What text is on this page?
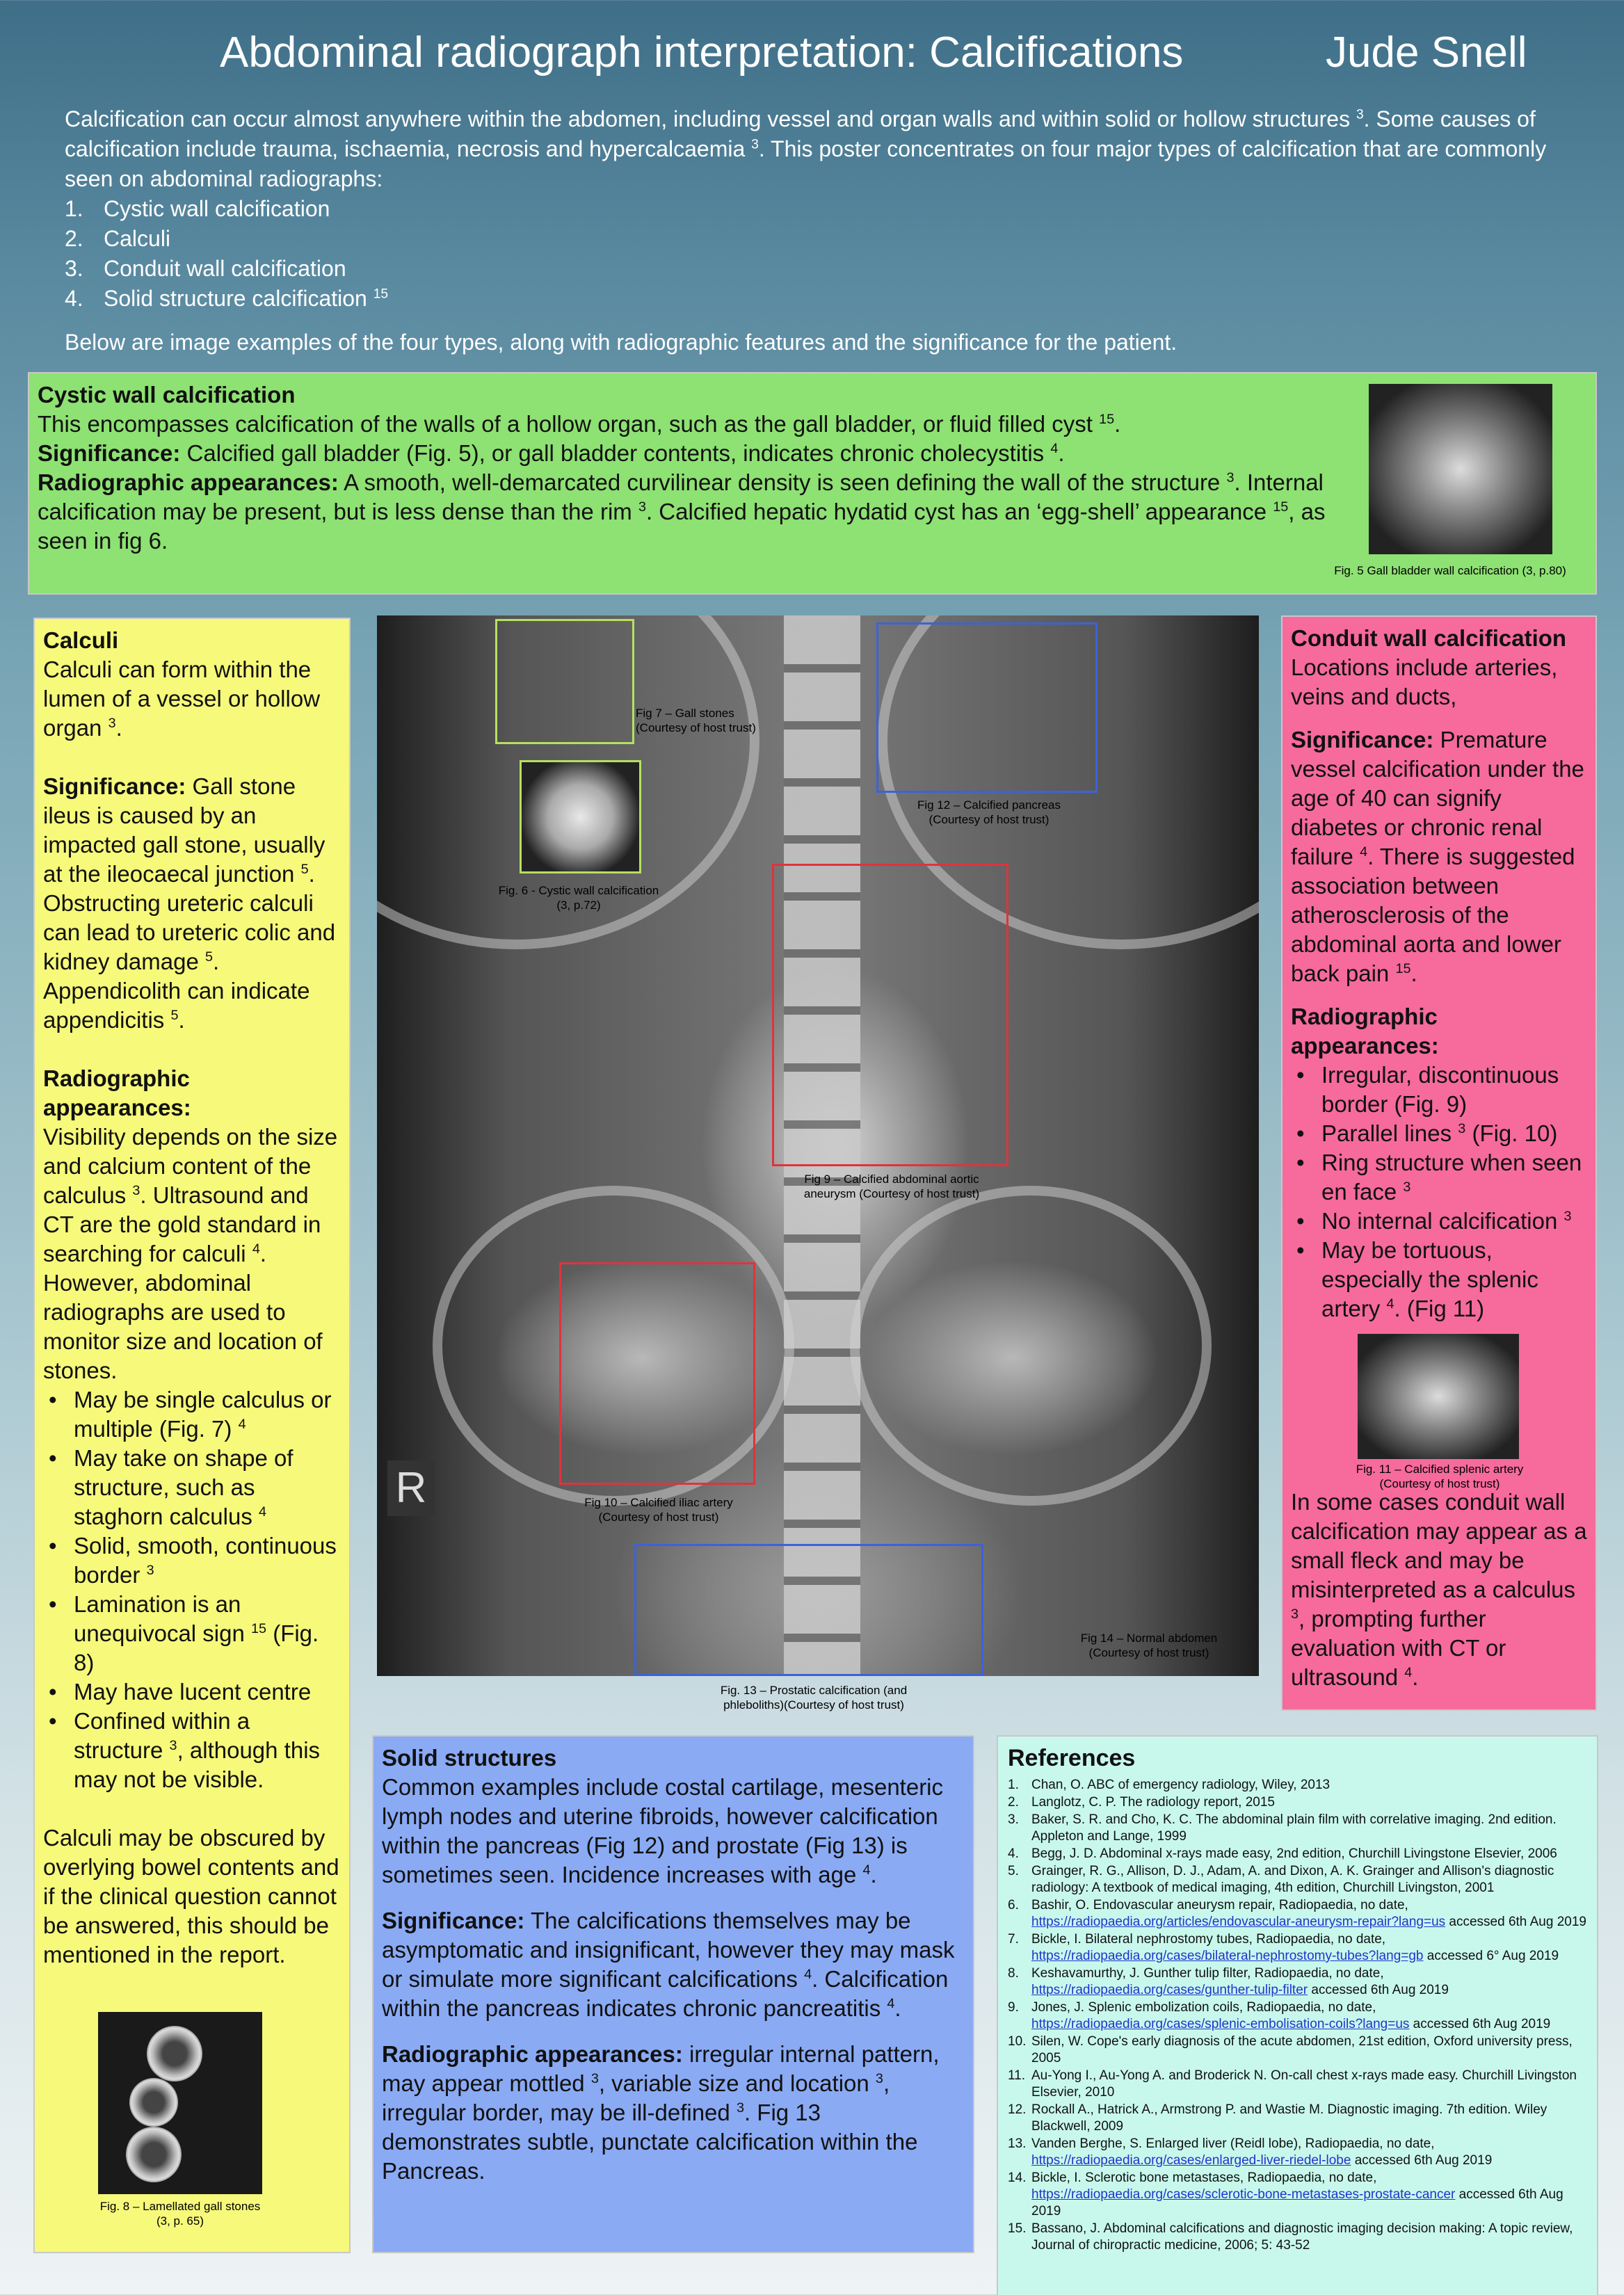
Abdominal radiograph interpretation: Calcifications	Jude Snell

Calcification can occur almost anywhere within the abdomen, including vessel and organ walls and within solid or hollow structures $^3$. Some causes of calcification include trauma, ischaemia, necrosis and hypercalcaemia $^3$. This poster concentrates on four major types of calcification that are commonly seen on abdominal radiographs:

1. Cystic wall calcification
2. Calculi
3. Conduit wall calcification
4. Solid structure calcification $^{15}$

Below are image examples of the four types, along with radiographic features and the significance for the patient.

Cystic wall calcification

This encompasses calcification of the walls of a hollow organ, such as the gall bladder, or fluid filled cyst $^{15}$.

Significance: Calcified gall bladder (Fig. 5), or gall bladder contents, indicates chronic cholecystitis $^4$.

Radiographic appearances: A smooth, well-demarcated curvilinear density is seen defining the wall of the structure $^3$. Internal calcification may be present, but is less dense than the rim $^3$. Calcified hepatic hydatid cyst has an ‘egg-shell’ appearance $^{15}$, as seen in fig 6.

Fig. 5 Gall bladder wall calcification (3, p.80)
Calculi

Calculi can form within the lumen of a vessel or hollow organ $^3$.

Significance: Gall stone ileus is caused by an impacted gall stone, usually at the ileocaecal junction $^5$. Obstructing ureteric calculi can lead to ureteric colic and kidney damage $^5$. Appendicolith can indicate appendicitis $^5$.

Radiographic appearances:

Visibility depends on the size and calcium content of the calculus $^3$. Ultrasound and CT are the gold standard in searching for calculi $^4$. However, abdominal radiographs are used to monitor size and location of stones.

• May be single calculus or multiple (Fig. 7) $^4$
• May take on shape of structure, such as staghorn calculus $^4$
• Solid, smooth, continuous border $^3$
• Lamination is an unequivocal sign $^{15}$ (Fig. 8)
• May have lucent centre
• Confined within a structure $^3$, although this may not be visible.

Calculi may be obscured by overlying bowel contents and if the clinical question cannot be answered, this should be mentioned in the report.

Fig. 8 – Lamellated gall stones
(3, p. 65)
R
Fig 7 – Gall stones
(Courtesy of host trust)
Fig. 6 - Cystic wall calcification
(3, p.72)
Fig 12 – Calcified pancreas
(Courtesy of host trust)
Fig 9 – Calcified abdominal aortic
aneurysm (Courtesy of host trust)
Fig 10 – Calcified iliac artery
(Courtesy of host trust)
Fig 14 – Normal abdomen
(Courtesy of host trust)
Fig. 13 – Prostatic calcification (and
phleboliths)(Courtesy of host trust)
Conduit wall calcification

Locations include arteries, veins and ducts,

Significance: Premature vessel calcification under the age of 40 can signify diabetes or chronic renal failure $^4$. There is suggested association between atherosclerosis of the abdominal aorta and lower back pain $^{15}$.

Radiographic appearances:
• Irregular, discontinuous border (Fig. 9)
• Parallel lines $^3$ (Fig. 10)
• Ring structure when seen en face $^3$
• No internal calcification $^3$
• May be tortuous, especially the splenic artery $^4$. (Fig 11)

In some cases conduit wall calcification may appear as a small fleck and may be misinterpreted as a calculus $^3$, prompting further evaluation with CT or ultrasound $^4$.

Fig. 11 – Calcified splenic artery
(Courtesy of host trust)
Solid structures

Common examples include costal cartilage, mesenteric lymph nodes and uterine fibroids, however calcification within the pancreas (Fig 12) and prostate (Fig 13) is sometimes seen. Incidence increases with age $^4$.

Significance: The calcifications themselves may be asymptomatic and insignificant, however they may mask or simulate more significant calcifications $^4$. Calcification within the pancreas indicates chronic pancreatitis $^4$.

Radiographic appearances: irregular internal pattern, may appear mottled $^3$, variable size and location $^3$, irregular border, may be ill-defined $^3$. Fig 13 demonstrates subtle, punctate calcification within the Pancreas.

References
1. Chan, O. ABC of emergency radiology, Wiley, 2013
2. Langlotz, C. P. The radiology report, 2015
3. Baker, S. R. and Cho, K. C. The abdominal plain film with correlative imaging. 2nd edition. Appleton and Lange, 1999
4. Begg, J. D. Abdominal x-rays made easy, 2nd edition, Churchill Livingstone Elsevier, 2006
5. Grainger, R. G., Allison, D. J., Adam, A. and Dixon, A. K. Grainger and Allison's diagnostic radiology: A textbook of medical imaging, 4th edition, Churchill Livingston, 2001
6. Bashir, O. Endovascular aneurysm repair, Radiopaedia, no date,
https://radiopaedia.org/articles/endovascular-aneurysm-repair?lang=us accessed 6th Aug 2019
7. Bickle, I. Bilateral nephrostomy tubes, Radiopaedia, no date,
https://radiopaedia.org/cases/bilateral-nephrostomy-tubes?lang=gb accessed 6° Aug 2019
8. Keshavamurthy, J. Gunther tulip filter, Radiopaedia, no date,
https://radiopaedia.org/cases/gunther-tulip-filter accessed 6th Aug 2019
9. Jones, J. Splenic embolization coils, Radiopaedia, no date,
https://radiopaedia.org/cases/splenic-embolisation-coils?lang=us accessed 6th Aug 2019
10. Silen, W. Cope's early diagnosis of the acute abdomen, 21st edition, Oxford university press, 2005
11. Au-Yong I., Au-Yong A. and Broderick N. On-call chest x-rays made easy. Churchill Livingston Elsevier, 2010
12. Rockall A., Hatrick A., Armstrong P. and Wastie M. Diagnostic imaging. 7th edition. Wiley Blackwell, 2009
13. Vanden Berghe, S. Enlarged liver (Reidl lobe), Radiopaedia, no date,
https://radiopaedia.org/cases/enlarged-liver-riedel-lobe accessed 6th Aug 2019
14. Bickle, I. Sclerotic bone metastases, Radiopaedia, no date,
https://radiopaedia.org/cases/sclerotic-bone-metastases-prostate-cancer accessed 6th Aug 2019
15. Bassano, J. Abdominal calcifications and diagnostic imaging decision making: A topic review, Journal of chiropractic medicine, 2006; 5: 43-52
